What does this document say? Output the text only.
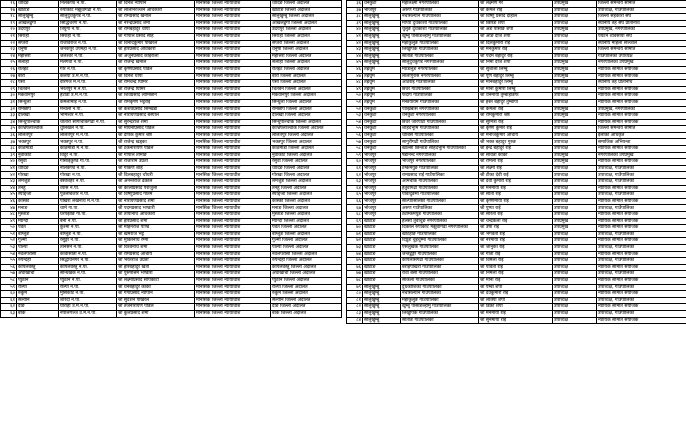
१६	धादिङ	निलकण्ठ न.पा.	श्री दिनेश न्यौपाने	मानसिक जिल्ला न्यायाधीश	धादिङ जिल्ला अदालत
१७	खोटाङ	रुपाकोट मझुवागढी न.पा.	श्री लालनिरञ्जन अधिकारी	मानसिक जिल्ला न्यायाधीश	खोटाङ जिल्ला अदालत
१८	सोलुखुम्बु	सोलुदुधकुण्ड न.पा.	श्री रामप्रसाद खनाल	मानसिक जिल्ला न्यायाधीश	सोलुखुम्बु जिल्ला अदालत
१९	ओखलढुंगा	सिद्धिचरण न.पा.	श्री नरेन्द्रप्रसाद शर्मा	मानसिक जिल्ला न्यायाधीश	ओखलढुंगा जिल्ला अदालत
२०	उदयपुर	त्रियुगा न.पा.	श्री रामबहादुर थापा	मानसिक जिल्ला न्यायाधीश	उदयपुर जिल्ला अदालत
२१	सिराहा	सिराहा न.पा.	श्री गोपाल प्रसाद साह	मानसिक जिल्ला न्यायाधीश	सिराहा जिल्ला अदालत
२२	सप्तरी	राजविराज न.पा.	श्री विनोदकुमार पोखरेल	मानसिक जिल्ला न्यायाधीश	सप्तरी जिल्ला अदालत
२३	धनुषा	जनकपुर उपमहा न.पा.	श्री हरिप्रसाद अधिकारी	मानसिक जिल्ला न्यायाधीश	धनुषा जिल्ला अदालत
२४	महोत्तरी	जलेश्वर न.पा.	श्री अर्जुनप्रसाद कोइराला	मानसिक जिल्ला न्यायाधीश	महोत्तरी जिल्ला अदालत
२५	सर्लाही	मलंगवा न.पा.	श्री राजेन्द्र खनाल	मानसिक जिल्ला न्यायाधीश	सर्लाही जिल्ला अदालत
२६	रौतहट	गौर न.पा.	श्री कृष्णप्रसाद पौडेल	मानसिक जिल्ला न्यायाधीश	रौतहट जिल्ला अदालत
२७	बारा	कलैया उ.म.न.पा.	श्री दिनेश थापा	मानसिक जिल्ला न्यायाधीश	बारा जिल्ला अदालत
२८	पर्सा	वीरगंज म.न.पा.	श्री रामचन्द्र घिमिरे	मानसिक जिल्ला न्यायाधीश	पर्सा जिल्ला अदालत
२९	चितवन	भरतपुर म.न.पा.	श्री राजेन्द्र घिमिरे	मानसिक जिल्ला न्यायाधीश	चितवन जिल्ला अदालत
३०	मकवानपुर	हेटौंडा उ.म.न.पा.	श्री शिवप्रसाद लामिछाने	मानसिक जिल्ला न्यायाधीश	मकवानपुर जिल्ला अदालत
३१	सिन्धुली	कमलामाई न.पा.	श्री रामकृष्ण भट्टराई	मानसिक जिल्ला न्यायाधीश	सिन्धुली जिल्ला अदालत
३२	रामेछाप	मन्थली न.पा.	श्री केशवप्रसाद सिम्खडा	मानसिक जिल्ला न्यायाधीश	रामेछाप जिल्ला अदालत
३३	दोलखा	भीमेश्वर न.पा.	श्री नारायणप्रसाद बस्याल	मानसिक जिल्ला न्यायाधीश	दोलखा जिल्ला अदालत
३४	सिन्धुपाल्चोक	चौतारा साँगाचोकगढी न.पा.	श्री सुरेन्द्रराज शर्मा	मानसिक जिल्ला न्यायाधीश	सिन्धुपाल्चोक जिल्ला अदालत
३५	काभ्रेपलाञ्चोक	धुलिखेल न.पा.	श्री मेघिनीप्रसाद पौडेल	मानसिक जिल्ला न्यायाधीश	काभ्रेपलाञ्चोक जिल्ला अदालत
३६	ललितपुर	ललितपुर म.न.पा.	श्री दीपक कुमार श्रेष्ठ	मानसिक जिल्ला न्यायाधीश	ललितपुर जिल्ला अदालत
३७	भक्तपुर	भक्तपुर न.पा.	श्री राजेन्द्र खड्का	मानसिक जिल्ला न्यायाधीश	भक्तपुर जिल्ला अदालत
३८	काठमाडौं	काठमाडौं म.न.पा.	श्री टेकनारायण पौडेल	मानसिक जिल्ला न्यायाधीश	काठमाडौं जिल्ला अदालत
३९	नुवाकोट	विदुर न.पा.	श्री गोपाल तामाङ	मानसिक जिल्ला न्यायाधीश	नुवाकोट जिल्ला अदालत
४०	रसुवा	गोसाईकुण्ड गा.पा.	श्री राजाराम उप्रेती	मानसिक जिल्ला न्यायाधीश	रसुवा जिल्ला अदालत
४१	धादिङ	नीलकण्ठ न.पा.	श्री गोकर्ण शाह	मानसिक जिल्ला न्यायाधीश	धादिङ जिल्ला अदालत
४२	गोरखा	गोरखा न.पा.	श्री दिलबहादुर चौधरी	मानसिक जिल्ला न्यायाधीश	गोरखा जिल्ला अदालत
४३	लमजुङ	बेसीशहर न.पा.	श्री अनन्तराज ढकाल	मानसिक जिल्ला न्यायाधीश	लमजुङ जिल्ला अदालत
४४	तनहुँ	व्यास न.पा.	श्री कालीप्रसाद पराजुली	मानसिक जिल्ला न्यायाधीश	तनहुँ जिल्ला अदालत
४५	स्याङ्जा	पुतलीबजार न.पा.	श्री विष्णुप्रसाद गौतम	मानसिक जिल्ला न्यायाधीश	स्याङ्जा जिल्ला अदालत
४६	कास्की	पोखरा लेखनाथ म.न.पा.	श्री नारायणप्रसाद शर्मा	मानसिक जिल्ला न्यायाधीश	कास्की जिल्ला अदालत
४७	मनाङ	चामे गा.पा.	श्री पदमप्रसाद भण्डारी	मानसिक जिल्ला न्यायाधीश	मनाङ जिल्ला अदालत
४८	मुस्ताङ	घरपझोङ गा.पा.	श्री तोयानाथ अधिकारी	मानसिक जिल्ला न्यायाधीश	मुस्ताङ जिल्ला अदालत
४९	म्याग्दी	बेनी न.पा.	श्री हरिप्रसाद शर्मा	मानसिक जिल्ला न्यायाधीश	म्याग्दी जिल्ला अदालत
५०	पर्वत	कुश्मा न.पा.	श्री मोहनराज पाण्डे	मानसिक जिल्ला न्यायाधीश	पर्वत जिल्ला अदालत
५१	बाग्लुङ	बाग्लुङ न.पा.	श्री खेमराज भट्ट	मानसिक जिल्ला न्यायाधीश	बाग्लुङ जिल्ला अदालत
५२	गुल्मी	रेसुङ्गा न.पा.	श्री मुक्तिनाथ रेग्मी	मानसिक जिल्ला न्यायाधीश	गुल्मी जिल्ला अदालत
५३	पाल्पा	तानसेन न.पा.	श्री विश्वनाथ शर्मा	मानसिक जिल्ला न्यायाधीश	पाल्पा जिल्ला अदालत
५४	नवलपरासी	कावासोती न.पा.	श्री रामप्रसाद आचार्य	मानसिक जिल्ला न्यायाधीश	नवलपरासी जिल्ला अदालत
५५	रुपन्देही	सिद्धार्थनगर न.पा.	श्री भरतराज उप्रेती	मानसिक जिल्ला न्यायाधीश	रुपन्देही जिल्ला अदालत
५६	कपिलवस्तु	कपिलवस्तु न.पा.	श्री हरिबहादुर खत्री	मानसिक जिल्ला न्यायाधीश	कपिलवस्तु जिल्ला अदालत
५७	अर्घाखाँची	सन्धिखर्क न.पा.	श्री पुरुषोत्तम भण्डारी	मानसिक जिल्ला न्यायाधीश	अर्घाखाँची जिल्ला अदालत
५८	प्युठान	प्युठान न.पा.	श्री लक्ष्मीप्रसाद सापकोटा	मानसिक जिल्ला न्यायाधीश	प्युठान जिल्ला अदालत
५९	रोल्पा	रोल्पा न.पा.	श्री धनबहादुर कार्की	मानसिक जिल्ला न्यायाधीश	रोल्पा जिल्ला अदालत
६०	रुकुम	मुसिकोट न.पा.	श्री गंगाप्रसाद न्यौपाने	मानसिक जिल्ला न्यायाधीश	रुकुम जिल्ला अदालत
६१	सल्यान	शारदा न.पा.	श्री सुदर्शन पोखरेल	मानसिक जिल्ला न्यायाधीश	सल्यान जिल्ला अदालत
६२	दाङ	घोराही उ.म.न.पा.	श्री तेजनारायण पौडेल	मानसिक जिल्ला न्यायाधीश	दाङ जिल्ला अदालत
६३	बाँके	नेपालगञ्ज उ.म.न.पा.	श्री कुलप्रसाद शर्मा	मानसिक जिल्ला न्यायाधीश	बाँके जिल्ला अदालत
३६	धनकुटा	महालक्ष्मी नगरपालिका	श्री लक्ष्मण गैरे	उपप्रमुख	जिल्ला समन्वय समिति
३७	भोजपुर	अरुण गाउँपालिका	श्री कमल राई	उपाध्यक्ष	उपाध्यक्ष, गाउँपालिका
३८	सोलुखुम्बु	नेचासल्यान गाउँपालिका	श्री विष्णु प्रसाद दाहाल	उपाध्यक्ष	जिल्ला सहकारी संघ
३९	सोलुखुम्बु	माप्या दुधकोशी गाउँपालिका	श्री छिरिङ शेर्पा	उपाध्यक्ष	स्थानीय तह संघ प्रतिनिधि
४०	सोलुखुम्बु	थुलुङ दुधकोशी गाउँपालिका	श्री अङ पासाङ शेर्पा	उपप्रमुख	उपप्रमुख, नगरपालिका
४१	सोलुखुम्बु	खुम्बु पासाङल्हामु गाउँपालिका	श्री आङ दोर्जे शेर्पा	उपाध्यक्ष	पर्यटन व्यवसायी संघ
४२	सोलुखुम्बु	महाकुलुङ गाउँपालिका	श्री दिलकुमारी राई	उपाध्यक्ष	स्थानीय महिला सञ्जाल
४३	सोलुखुम्बु	लिखुपिके गाउँपालिका	श्री मनकुमार राई	उपाध्यक्ष	जिल्ला समन्वय समिति
४४	सोलुखुम्बु	सोताङ गाउँपालिका	श्री पदम बहादुर राई	उपाध्यक्ष	गाउँपालिका उपाध्यक्ष
४५	सोलुखुम्बु	सोलुदुधकुण्ड नगरपालिका	श्री निमा दोर्जे शेर्पा	उपप्रमुख	नगरपालिका उपप्रमुख
४६	तेह्रथुम	म्याङलुङ नगरपालिका	श्री सुशीला लिम्बु	उपप्रमुख	न्यायिक समिति संयोजक
४७	तेह्रथुम	लालीगुराँस नगरपालिका	श्री पूर्ण बहादुर लिम्बु	उपप्रमुख	न्यायिक समिति संयोजक
४८	तेह्रथुम	आठराई गाउँपालिका	श्री मानबहादुर लिम्बु	उपाध्यक्ष	स्थानीय तह प्रतिनिधि
४९	तेह्रथुम	छथर गाउँपालिका	श्री मीना कुमारी लिम्बु	उपाध्यक्ष	न्यायिक समिति संयोजक
५०	तेह्रथुम	फेदाप गाउँपालिका	श्री धनमाया तुम्बाहाङफे	उपाध्यक्ष	न्यायिक समिति संयोजक
५१	तेह्रथुम	मेन्छयायेम गाउँपालिका	श्री हस्त बहादुर तुम्बापो	उपाध्यक्ष	न्यायिक समिति संयोजक
५२	धनकुटा	पाख्रिबास नगरपालिका	श्री कमला राई	उपप्रमुख	उपप्रमुख, नगरपालिका
५३	धनकुटा	धनकुटा नगरपालिका	श्री रामकुमारी श्रेष्ठ	उपप्रमुख	न्यायिक समिति संयोजक
५४	धनकुटा	छथर जोरपाटी गाउँपालिका	श्री सुमित्रा राई	उपाध्यक्ष	न्यायिक समिति संयोजक
५५	धनकुटा	शहिदभूमि गाउँपालिका	श्री कृष्ण कुमार राई	उपाध्यक्ष	जिल्ला समन्वय समिति
५६	धनकुटा	चौबिसे गाउँपालिका	श्री मनोजकुमार आचार्य	उपाध्यक्ष	इलाका अधिकृत
५७	धनकुटा	सागुरीगढी गाउँपालिका	श्री भक्त बहादुर गुरुङ	उपाध्यक्ष	समाजिक अभियन्ता
५८	धनकुटा	खाल्सा छिन्ताङ सहिदभूमि गाउँपालिका	श्री इन्द्र बहादुर राई	उपाध्यक्ष	न्यायिक समिति संयोजक
५९	भोजपुर	षडानन्द नगरपालिका	श्री सविता कार्की	उपप्रमुख	नगरपालिका उपप्रमुख
६०	भोजपुर	भोजपुर नगरपालिका	श्री रमिला राई	उपप्रमुख	न्यायिक समिति संयोजक
६१	भोजपुर	टेम्केमैयुङ गाउँपालिका	श्री लक्ष्मी राई	उपाध्यक्ष	उपाध्यक्ष, गाउँपालिका
६२	भोजपुर	रामप्रसाद राई गाउँपालिका	श्री टीका देवी राई	उपाध्यक्ष	उपाध्यक्ष, गाउँपालिका
६३	भोजपुर	आमचोक गाउँपालिका	श्री देवी कुमारी राई	उपाध्यक्ष	उपाध्यक्ष, गाउँपालिका
६४	भोजपुर	हतुवागढी गाउँपालिका	श्री मनमाया राई	उपाध्यक्ष	न्यायिक समिति संयोजक
६५	भोजपुर	पौवादुङमा गाउँपालिका	श्री सीता राई	उपाध्यक्ष	उपाध्यक्ष, गाउँपालिका
६६	भोजपुर	साल्पासिलिछो गाउँपालिका	श्री कृष्णमाया राई	उपाध्यक्ष	न्यायिक समिति संयोजक
६७	भोजपुर	अरुण गाउँपालिका	श्री पुष्पा राई	उपाध्यक्ष	उपाध्यक्ष, गाउँपालिका
६८	भोजपुर	ट्याम्केमैयुङ गाउँपालिका	श्री सरिता राई	उपाध्यक्ष	न्यायिक समिति संयोजक
६९	खोटाङ	हलेसी तुवाचुङ नगरपालिका	श्री चन्द्रकला राई	उपप्रमुख	न्यायिक समिति संयोजक
७०	खोटाङ	दिक्तेल रुपाकोट मझुवागढी नगरपालिका	श्री उषा राई	उपप्रमुख	न्यायिक समिति संयोजक
७१	खोटाङ	खोटेहाङ गाउँपालिका	श्री भगवती राई	उपाध्यक्ष	उपाध्यक्ष, गाउँपालिका
७२	खोटाङ	दिप्रुङ चुइचुम्मा गाउँपालिका	श्री नरमाया राई	उपाध्यक्ष	न्यायिक समिति संयोजक
७३	खोटाङ	ऐसेलुखर्क गाउँपालिका	श्री जानुका राई	उपाध्यक्ष	उपाध्यक्ष, गाउँपालिका
७४	खोटाङ	जन्तेढुङ्गा गाउँपालिका	श्री गीता राई	उपाध्यक्ष	न्यायिक समिति संयोजक
७५	खोटाङ	केपिलासगढी गाउँपालिका	श्री विमला राई	उपाध्यक्ष	उपाध्यक्ष, गाउँपालिका
७६	खोटाङ	बराहपोखरी गाउँपालिका	श्री पार्वती राई	उपाध्यक्ष	न्यायिक समिति संयोजक
७७	खोटाङ	रावा बेसी गाउँपालिका	श्री निर्मला राई	उपाध्यक्ष	उपाध्यक्ष, गाउँपालिका
७८	खोटाङ	साकेला गाउँपालिका	श्री मीना राई	उपाध्यक्ष	न्यायिक समिति संयोजक
७९	सोलुखुम्बु	दुधकौशिका गाउँपालिका	श्री पेम्बा शेर्पा	उपाध्यक्ष	उपाध्यक्ष, गाउँपालिका
८०	सोलुखुम्बु	नेचासल्यान गाउँपालिका	श्री देउकुमारी राई	उपाध्यक्ष	न्यायिक समिति संयोजक
८१	सोलुखुम्बु	महाकुलुङ गाउँपालिका	श्री लाक्पा शेर्पा	उपाध्यक्ष	उपाध्यक्ष, गाउँपालिका
८२	सोलुखुम्बु	खुम्बु पासाङल्हामु गाउँपालिका	श्री डिकी शेर्पा	उपाध्यक्ष	न्यायिक समिति संयोजक
८३	सोलुखुम्बु	लिखुपिके गाउँपालिका	श्री मनमाया राई	उपाध्यक्ष	उपाध्यक्ष, गाउँपालिका
८४	सोलुखुम्बु	सोताङ गाउँपालिका	श्री सुनमाया राई	उपाध्यक्ष	न्यायिक समिति संयोजक
